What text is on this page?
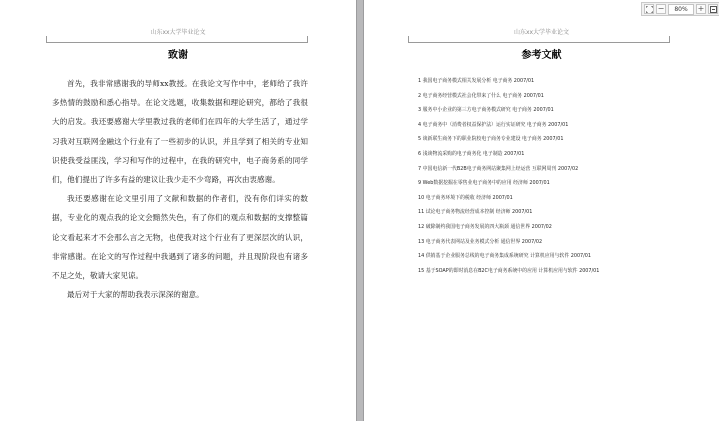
山东xx大学毕业论文
致谢

首先，我非常感谢我的导师xx教授。在我论文写作中中，老师给了我许多热情的鼓励和悉心指导。在论文选题，收集数据和理论研究，都给了我很大的启发。我还要感谢大学里教过我的老师们在四年的大学生活了，通过学习我对互联网金融这个行业有了一些初步的认识，并且学到了相关的专业知识使我受益匪浅，学习和写作的过程中，在我的研究中，电子商务系的同学们，他们提出了许多有益的建议让我少走不少弯路，再次由衷感谢。

我还要感谢在论文里引用了文献和数据的作者们，没有你们详实的数据，专业化的观点我的论文会黯然失色，有了你们的观点和数据的支撑整篇论文看起来才不会那么言之无物，也使我对这个行业有了更深层次的认识，非常感谢。在论文的写作过程中我遇到了诸多的问题，并且现阶段也有诸多不足之处，敬请大家见谅。

最后对于大家的帮助我表示深深的谢意。

山东xx大学毕业论文
参考文献
1 我国电子商务模式相关发展分析 电子商务 2007/01
2 电子商务经营模式社会化带来了什么 电子商务 2007/01
3 服务中小企业的第三方电子商务模式研究 电子商务 2007/01
4 电子商务中（消费者权益保护法）运行实证研究 电子商务 2007/01
5 谈新联生商务下的职业院校电子商务专业建设 电子商务 2007/01
6 浅谈物流采购的电子商务化 电子制造 2007/01
7 中国电信新一代B2B电子商务网站聚集网上经运营 互联网周刊 2007/02
9 Web数据挖掘在零售业电子商务中的应用 经济师 2007/01
10 电子商务环境下的税收 经济师 2007/01
11 试论电子商务物流经营成本控制 经济师 2007/01
12 破除制约我国电子商务发展的四大瓶颈 通信世界 2007/02
13 电子商务代表网站及业务模式分析 通信世界 2007/02
14 供销基于企业服务总线的电子商务集成系统研究 计算机应用与软件 2007/01
15 基于SOAP的即时消息在B2C电子商务系统中的应用 计算机应用与软件 2007/01
−	80%	+
